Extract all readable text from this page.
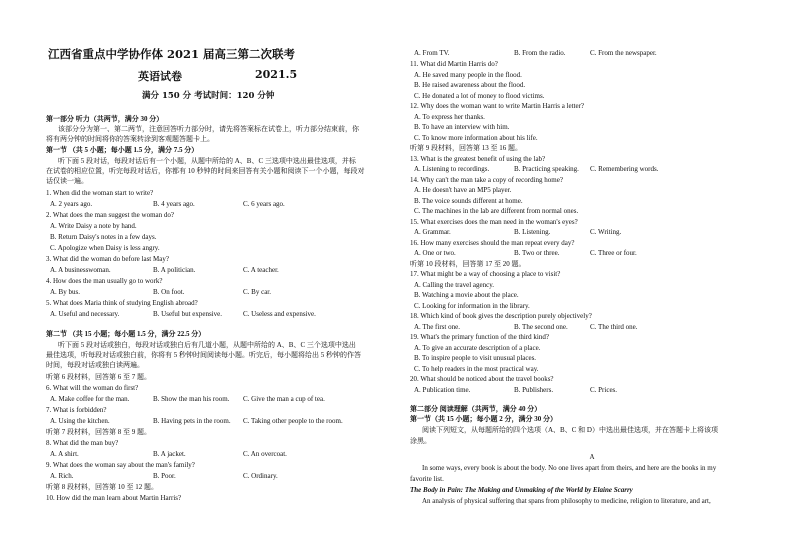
江西省重点中学协作体 2021 届高三第二次联考
英语试卷	2021.5
满分 150 分 考试时间：120 分钟
第一部分 听力（共两节，满分 30 分）
该部分分为第一、第二两节，注意回答听力部分时，请先将答案标在试卷上，听力部分结束前，你
将有两分钟的时间将你的答案转涂到客观题答题卡上。
第一节 （共 5 小题；每小题 1.5 分，满分 7.5 分）
听下面 5 段对话，每段对话后有一个小题，从题中所给的 A、B、C 三选项中选出最佳选项，并标
在试卷的相应位置，听完每段对话后，你都有 10 秒钟的时间来回答有关小题和阅读下一个小题，每段对
话仅读一遍。
1. When did the woman start to write?
A. 2 years ago.	B. 4 years ago.	C. 6 years ago.
2. What does the man suggest the woman do?
A. Write Daisy a note by hand.
B. Return Daisy's notes in a few days.
C. Apologize when Daisy is less angry.
3. What did the woman do before last May?
A. A businesswoman.	B. A politician.	C. A teacher.
4. How does the man usually go to work?
A. By bus.	B. On foot.	C. By car.
5. What does Maria think of studying English abroad?
A. Useful and necessary.	B. Useful but expensive.	C. Useless and expensive.
第二节 （共 15 小题；每小题 1.5 分，满分 22.5 分）
听下面 5 段对话或独白，每段对话或独白后有几道小题，从题中所给的 A、B、C 三个选项中选出
最佳选项，听每段对话或独白前，你将有 5 秒钟时间阅读每小题。听完后，每小题将给出 5 秒钟的作答
时间，每段对话或独白读两遍。
听第 6 段材料，回答第 6 至 7 题。
6. What will the woman do first?
A. Make coffee for the man.	B. Show the man his room. C. Give the man a cup of tea.
7. What is forbidden?
A. Using the kitchen.	B. Having pets in the room. C. Taking other people to the room.
听第 7 段材料，回答第 8 至 9 题。
8. What did the man buy?
A. A shirt.	B. A jacket.	C. An overcoat.
9. What does the woman say about the man's family?
A. Rich.	B. Poor.	C. Ordinary.
听第 8 段材料，回答第 10 至 12 题。
10. How did the man learn about Martin Harris?
A. From TV.	B. From the radio.	C. From the newspaper.
11. What did Martin Harris do?
A. He saved many people in the flood.
B. He raised awareness about the flood.
C. He donated a lot of money to flood victims.
12. Why does the woman want to write Martin Harris a letter?
A. To express her thanks.
B. To have an interview with him.
C. To know more information about his life.
听第 9 段材料，回答第 13 至 16 题。
13. What is the greatest benefit of using the lab?
A. Listening to recordings.	B. Practicing speaking. C. Remembering words.
14. Why can't the man take a copy of recording home?
A. He doesn't have an MP5 player.
B. The voice sounds different at home.
C. The machines in the lab are different from normal ones.
15. What exercises does the man need in the woman's eyes?
A. Grammar.	B. Listening.	C. Writing.
16. How many exercises should the man repeat every day?
A. One or two.	B. Two or three.	C. Three or four.
听第 10 段材料，回答第 17 至 20 题。
17. What might be a way of choosing a place to visit?
A. Calling the travel agency.
B. Watching a movie about the place.
C. Looking for information in the library.
18. Which kind of book gives the description purely objectively?
A. The first one.	B. The second one.	C. The third one.
19. What's the primary function of the third kind?
A. To give an accurate description of a place.
B. To inspire people to visit unusual places.
C. To help readers in the most practical way.
20. What should be noticed about the travel books?
A. Publication time.	B. Publishers.	C. Prices.
第二部分 阅读理解（共两节，满分 40 分）
第一节（共 15 小题；每小题 2 分，满分 30 分）
阅读下列短文，从每题所给的四个选项（A、B、C 和 D）中选出最佳选项，并在答题卡上将该项
涂黑。
A
In some ways, every book is about the body. No one lives apart from theirs, and here are the books in my
favorite list.
The Body in Pain: The Making and Unmaking of the World by Elaine Scarry
An analysis of physical suffering that spans from philosophy to medicine, religion to literature, and art,
